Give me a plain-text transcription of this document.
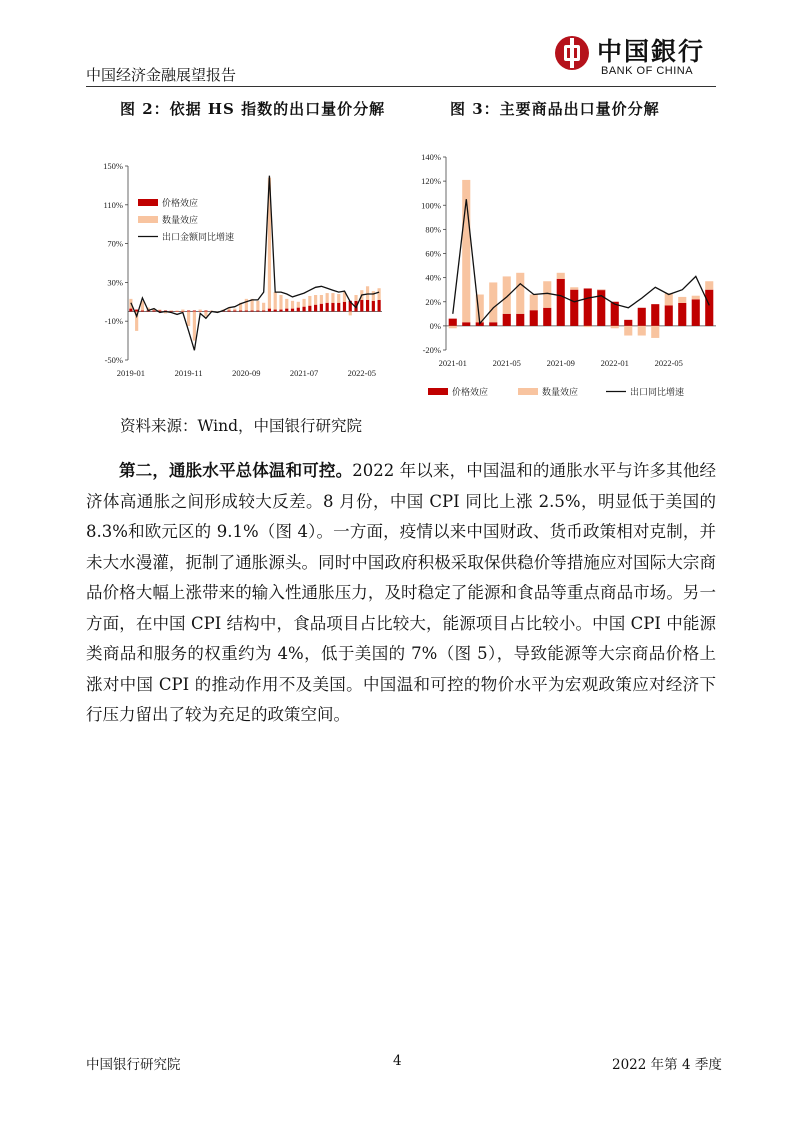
中国经济金融展望报告
中国銀行
BANK OF CHINA
图 2：依据 HS 指数的出口量价分解	图 3：主要商品出口量价分解
150%
110%
70%
30%
-10%
-50%
2019-01	2019-11	2020-09	2021-07	2022-05
价格效应
数量效应
出口金额同比增速
140%
120%
100%
80%
60%
40%
20%
0%
-20%
2021-01	2021-05	2021-09	2022-01	2022-05
价格效应	数量效应	出口同比增速
资料来源：Wind，中国银行研究院
第二，通胀水平总体温和可控。2022 年以来，中国温和的通胀水平与许多其他经济体高通胀之间形成较大反差。8 月份，中国 CPI 同比上涨 2.5%，明显低于美国的 8.3%和欧元区的 9.1%（图 4）。一方面，疫情以来中国财政、货币政策相对克制，并未大水漫灌，扼制了通胀源头。同时中国政府积极采取保供稳价等措施应对国际大宗商品价格大幅上涨带来的输入性通胀压力，及时稳定了能源和食品等重点商品市场。另一方面，在中国 CPI 结构中，食品项目占比较大，能源项目占比较小。中国 CPI 中能源类商品和服务的权重约为 4%，低于美国的 7%（图 5），导致能源等大宗商品价格上涨对中国 CPI 的推动作用不及美国。中国温和可控的物价水平为宏观政策应对经济下行压力留出了较为充足的政策空间。
中国银行研究院	4	2022 年第 4 季度
